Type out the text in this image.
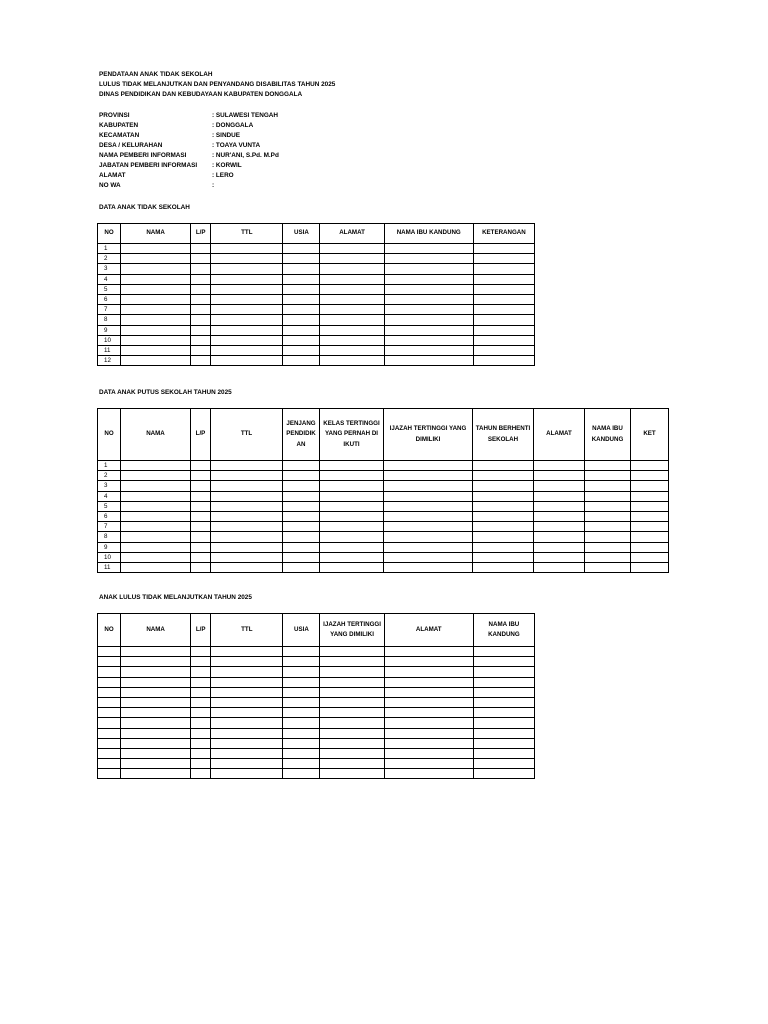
PENDATAAN ANAK TIDAK SEKOLAH
LULUS TIDAK MELANJUTKAN DAN PENYANDANG DISABILITAS TAHUN 2025
DINAS PENDIDIKAN DAN KEBUDAYAAN KABUPATEN DONGGALA
PROVINSI	: SULAWESI TENGAH
KABUPATEN	: DONGGALA
KECAMATAN	: SINDUE
DESA / KELURAHAN	: TOAYA VUNTA
NAMA PEMBERI INFORMASI	: NUR'ANI, S.Pd. M.Pd
JABATAN PEMBERI INFORMASI : KORWIL
ALAMAT	: LERO
NO WA	:
DATA ANAK TIDAK SEKOLAH
NO	NAMA	L/P	TTL	USIA	ALAMAT	NAMA IBU KANDUNG	KETERANGAN
1							
2							
3							
4							
5							
6							
7							
8							
9							
10							
11							
12							
DATA ANAK PUTUS SEKOLAH TAHUN 2025
NO	NAMA	L/P	TTL	JENJANG PENDIDIK AN	KELAS TERTINGGI YANG PERNAH DI IKUTI	IJAZAH TERTINGGI YANG DIMILIKI	TAHUN BERHENTI SEKOLAH	ALAMAT	NAMA IBU KANDUNG	KET
1										
2										
3										
4										
5										
6										
7										
8										
9										
10										
11										
ANAK LULUS TIDAK MELANJUTKAN TAHUN 2025
NO	NAMA	L/P	TTL	USIA	IJAZAH TERTINGGI YANG DIMILIKI	ALAMAT	NAMA IBU KANDUNG
